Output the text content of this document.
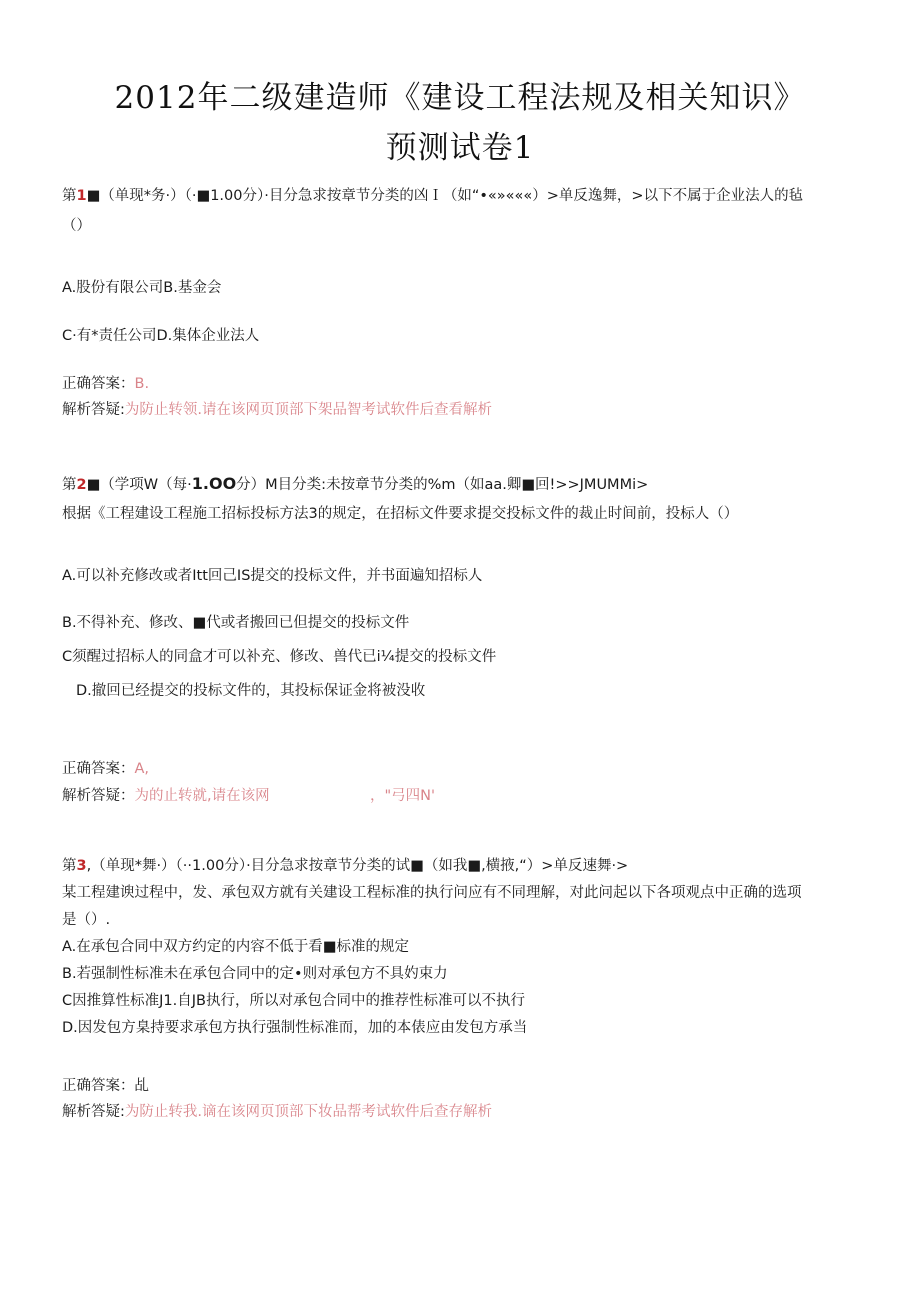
2012年二级建造师《建设工程法规及相关知识》
预测试卷1
第1■（单现*务·）（·■1.00分）·目分急求按章节分类的凶Ｉ（如“•«»«««）>单反逸舞，>以下不属于企业法人的毡
（）
A.股份有限公司B.基金会
C·有*责任公司D.集体企业法人
正确答案：B.
解析答疑:为防止转领.请在该网页顶部下架品智考试软件后查看解析
第2■（学项W（每·1.OO分）M目分类:未按章节分类的%m（如aa.卿■回!>>JMUMMi>
根据《工程建设工程施工招标投标方法3的规定，在招标文件要求提交投标文件的裁止时间前，投标人（）
A.可以补充修改或者Itt回己IS提交的投标文件，并书面遍知招标人
B.不得补充、修改、■代或者搬回已但提交的投标文件
C须醒过招标人的同盒才可以补充、修改、兽代已i¼提交的投标文件
D.撤回已经提交的投标文件的，其投标保证金将被没收
正确答案：A,
解析答疑：为的止转就,请在该网	，"弓四N'
第3,（单现*舞·）（··1.00分）·目分急求按章节分类的试■（如我■,横掖,“）>单反速舞·>
某工程建谀过程中，发、承包双方就有关建设工程标准的执行问应有不同理解，对此问起以下各项观点中正确的选项
是（）.
A.在承包合同中双方约定的内容不低于看■标准的规定
B.若强制性标准未在承包合同中的定•则对承包方不具妁束力
C因推算性标准J1.自JB执行，所以对承包合同中的推荐性标准可以不执行
D.因发包方臬持要求承包方执行强制性标准而，加的本俵应由发包方承当
正确答案：乩
解析答疑:为防止转我.谪在该网页顶部下妆品帮考试软件后查存解析
